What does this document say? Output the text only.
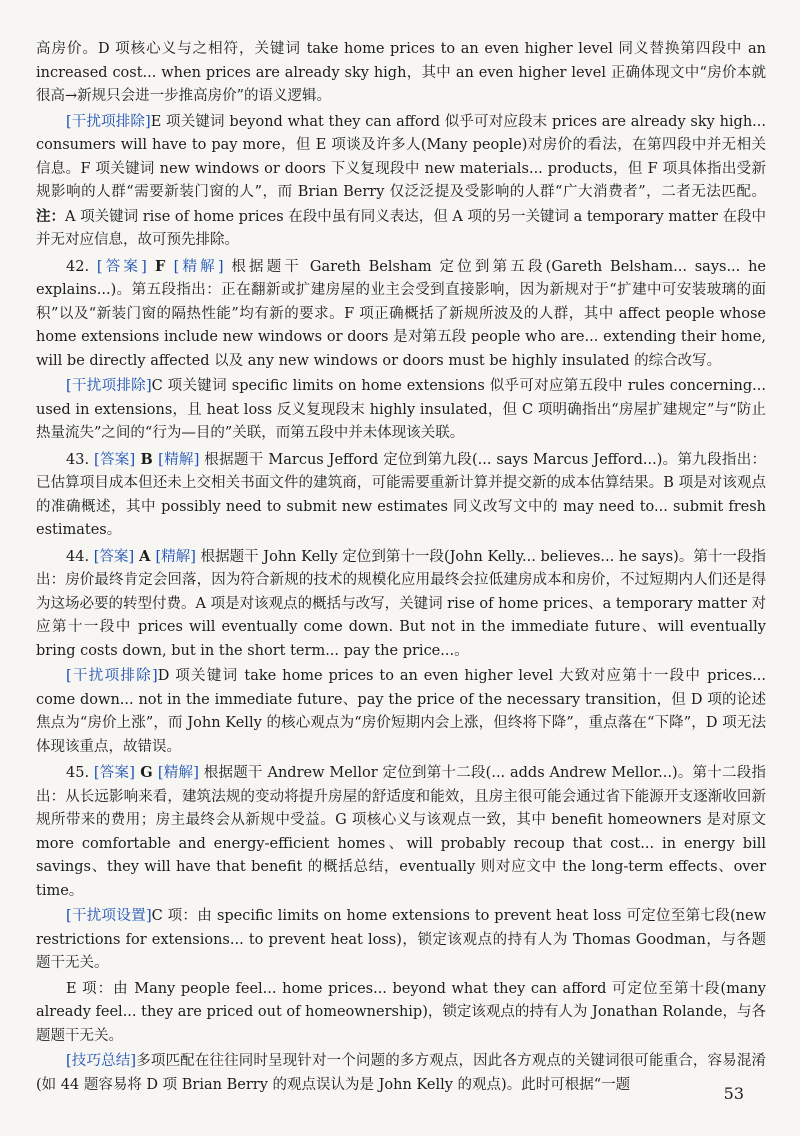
高房价。D 项核心义与之相符，关键词 take home prices to an even higher level 同义替换第四段中 an increased cost... when prices are already sky high，其中 an even higher level 正确体现文中“房价本就很高→新规只会进一步推高房价”的语义逻辑。

[干扰项排除]E 项关键词 beyond what they can afford 似乎可对应段末 prices are already sky high... consumers will have to pay more，但 E 项谈及许多人(Many people)对房价的看法，在第四段中并无相关信息。F 项关键词 new windows or doors 下义复现段中 new materials... products，但 F 项具体指出受新规影响的人群“需要新装门窗的人”，而 Brian Berry 仅泛泛提及受影响的人群“广大消费者”，二者无法匹配。注：A 项关键词 rise of home prices 在段中虽有同义表达，但 A 项的另一关键词 a temporary matter 在段中并无对应信息，故可预先排除。

42. [答案] F [精解] 根据题干 Gareth Belsham 定位到第五段(Gareth Belsham... says... he explains...)。第五段指出：正在翻新或扩建房屋的业主会受到直接影响，因为新规对于“扩建中可安装玻璃的面积”以及“新装门窗的隔热性能”均有新的要求。F 项正确概括了新规所波及的人群，其中 affect people whose home extensions include new windows or doors 是对第五段 people who are... extending their home, will be directly affected 以及 any new windows or doors must be highly insulated 的综合改写。

[干扰项排除]C 项关键词 specific limits on home extensions 似乎可对应第五段中 rules concerning... used in extensions，且 heat loss 反义复现段末 highly insulated，但 C 项明确指出“房屋扩建规定”与“防止热量流失”之间的“行为—目的”关联，而第五段中并未体现该关联。

43. [答案] B [精解] 根据题干 Marcus Jefford 定位到第九段(... says Marcus Jefford...)。第九段指出：已估算项目成本但还未上交相关书面文件的建筑商，可能需要重新计算并提交新的成本估算结果。B 项是对该观点的准确概述，其中 possibly need to submit new estimates 同义改写文中的 may need to... submit fresh estimates。

44. [答案] A [精解] 根据题干 John Kelly 定位到第十一段(John Kelly... believes... he says)。第十一段指出：房价最终肯定会回落，因为符合新规的技术的规模化应用最终会拉低建房成本和房价，不过短期内人们还是得为这场必要的转型付费。A 项是对该观点的概括与改写，关键词 rise of home prices、a temporary matter 对应第十一段中 prices will eventually come down. But not in the immediate future、will eventually bring costs down, but in the short term... pay the price...。

[干扰项排除]D 项关键词 take home prices to an even higher level 大致对应第十一段中 prices... come down... not in the immediate future、pay the price of the necessary transition，但 D 项的论述焦点为“房价上涨”，而 John Kelly 的核心观点为“房价短期内会上涨，但终将下降”，重点落在“下降”，D 项无法体现该重点，故错误。

45. [答案] G [精解] 根据题干 Andrew Mellor 定位到第十二段(... adds Andrew Mellor...)。第十二段指出：从长远影响来看，建筑法规的变动将提升房屋的舒适度和能效，且房主很可能会通过省下能源开支逐渐收回新规所带来的费用；房主最终会从新规中受益。G 项核心义与该观点一致，其中 benefit homeowners 是对原文 more comfortable and energy-efficient homes、will probably recoup that cost... in energy bill savings、they will have that benefit 的概括总结，eventually 则对应文中 the long-term effects、over time。

[干扰项设置]C 项：由 specific limits on home extensions to prevent heat loss 可定位至第七段(new restrictions for extensions... to prevent heat loss)，锁定该观点的持有人为 Thomas Goodman，与各题题干无关。

E 项：由 Many people feel... home prices... beyond what they can afford 可定位至第十段(many already feel... they are priced out of homeownership)，锁定该观点的持有人为 Jonathan Rolande，与各题题干无关。

[技巧总结]多项匹配在往往同时呈现针对一个问题的多方观点，因此各方观点的关键词很可能重合，容易混淆(如 44 题容易将 D 项 Brian Berry 的观点误认为是 John Kelly 的观点)。此时可根据“一题	53
